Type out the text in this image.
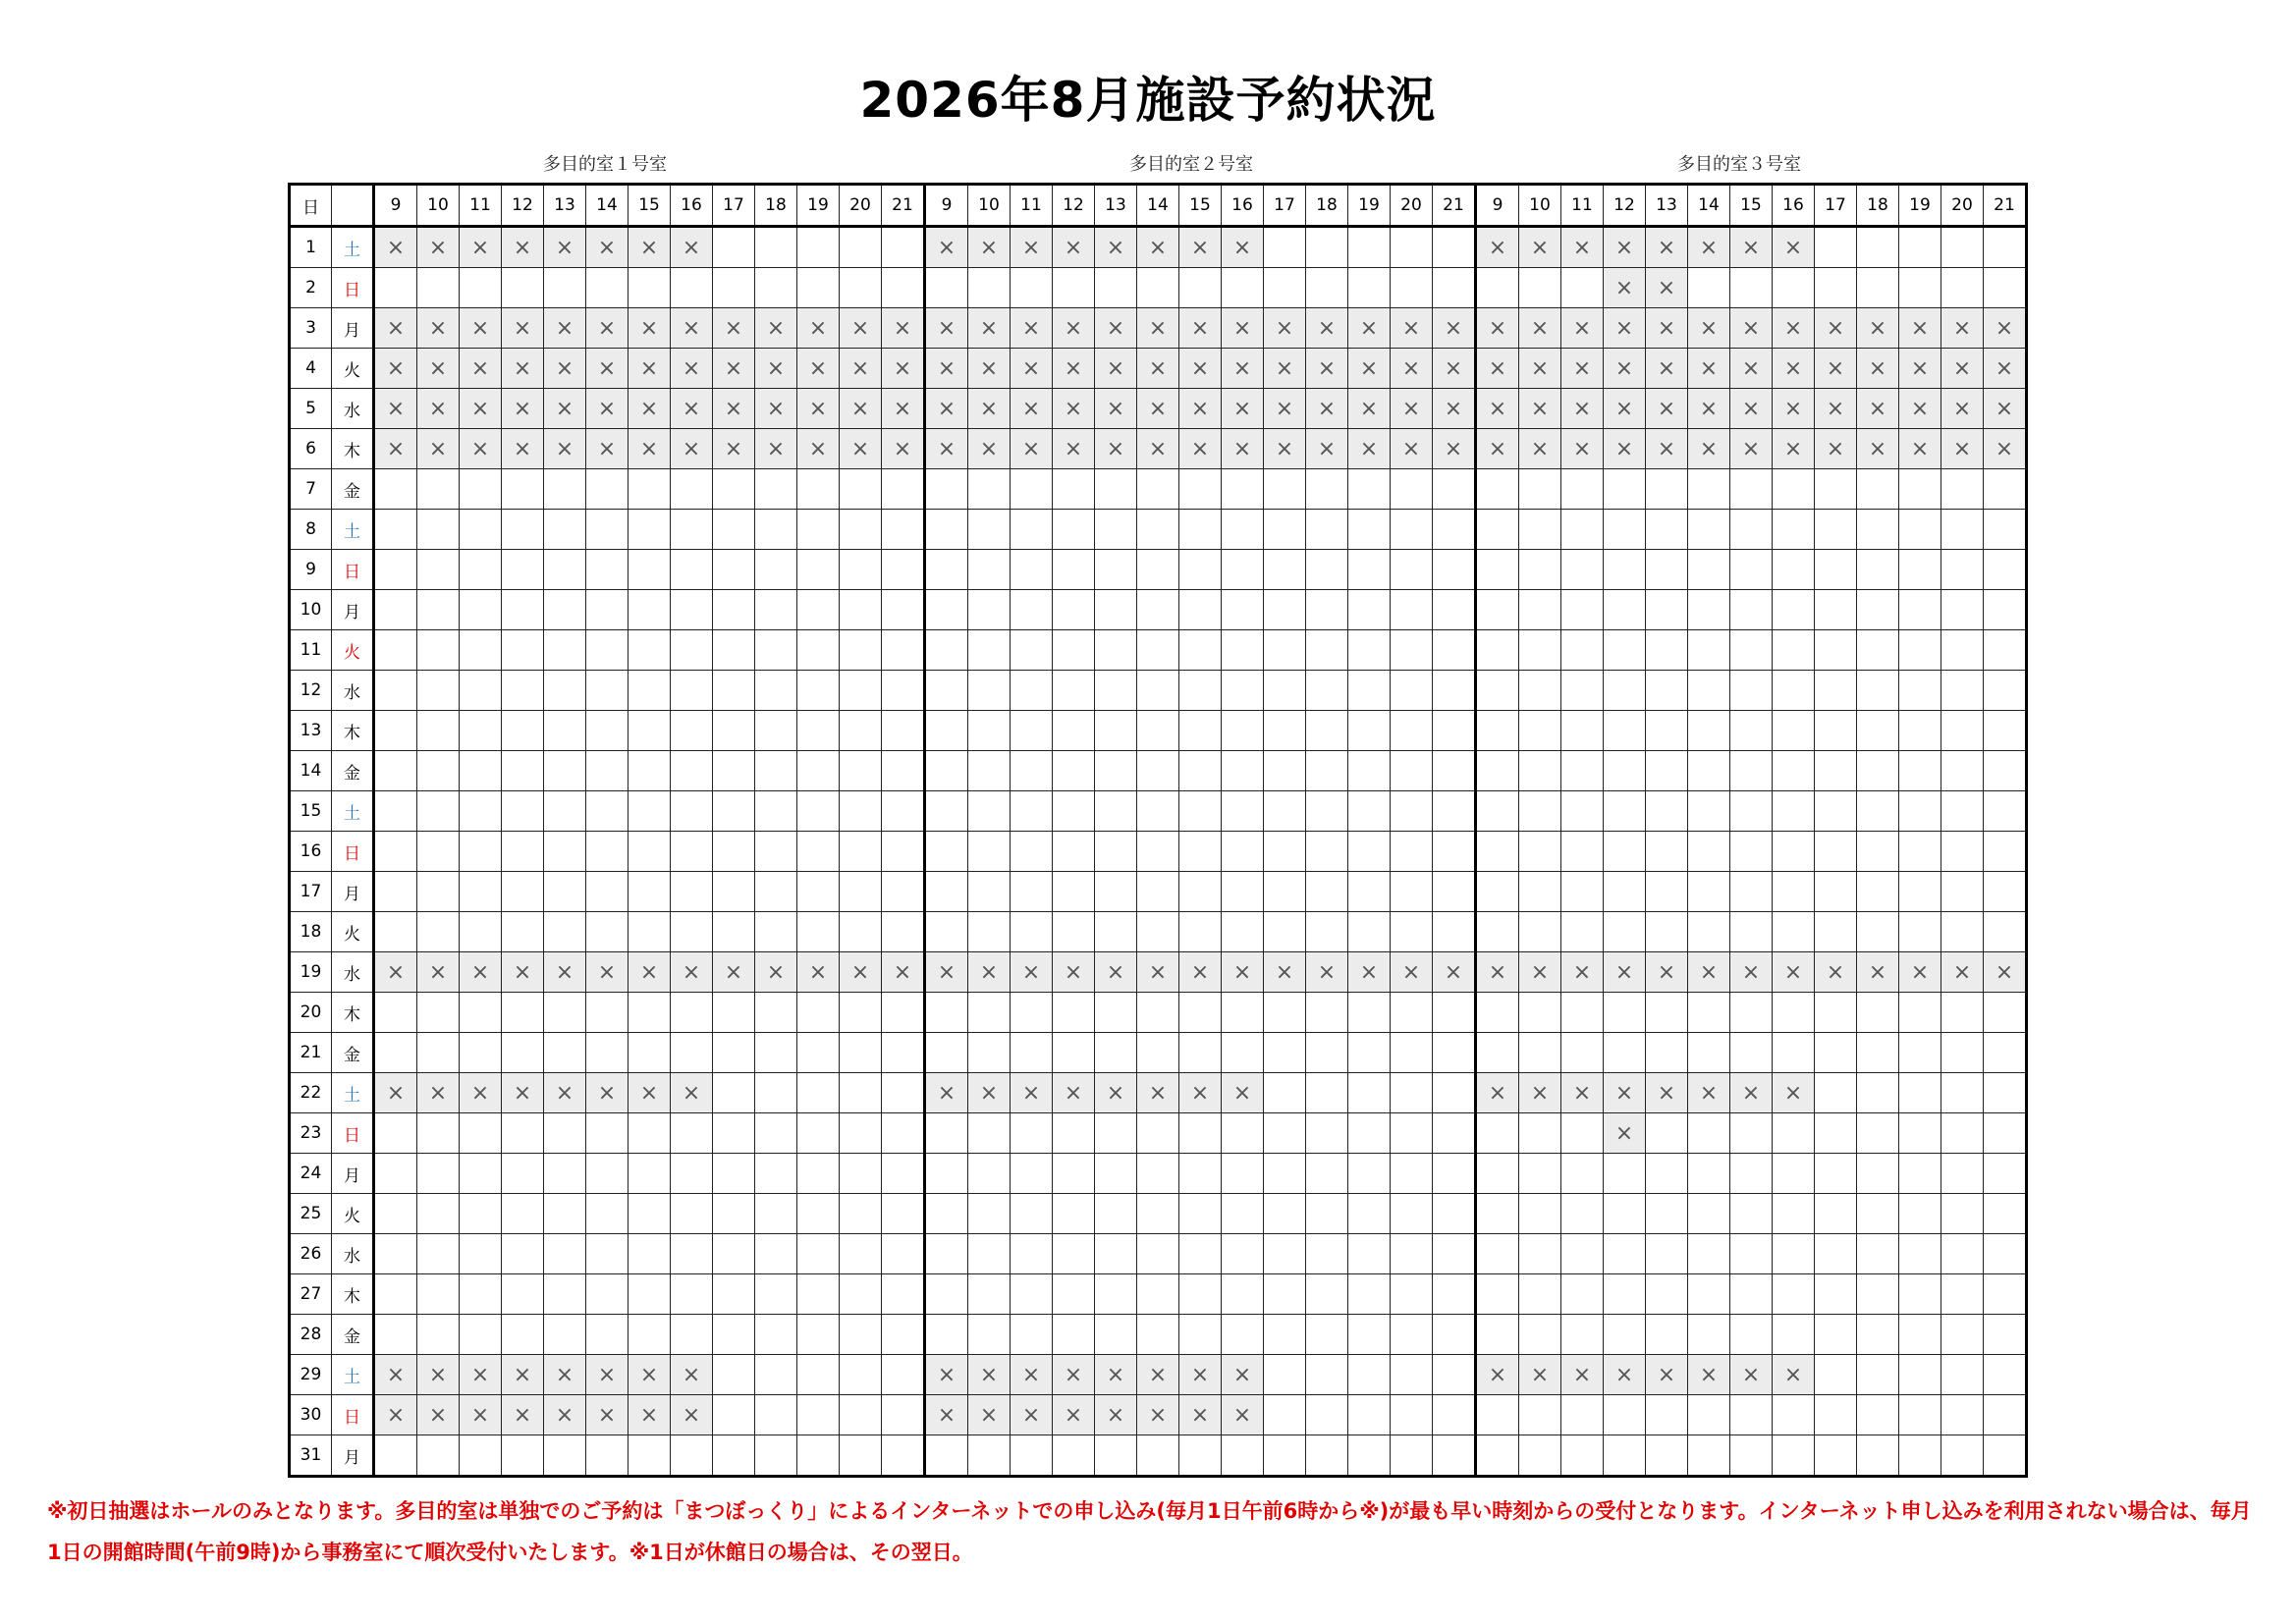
2026年8月施設予約状況
多目的室１号室	多目的室２号室	多目的室３号室
日		9	10	11	12	13	14	15	16	17	18	19	20	21	9	10	11	12	13	14	15	16	17	18	19	20	21	9	10	11	12	13	14	15	16	17	18	19	20	21
1	土	×	×	×	×	×	×	×	×						×	×	×	×	×	×	×	×						×	×	×	×	×	×	×	×					
2	日																														×	×								
3	月	×	×	×	×	×	×	×	×	×	×	×	×	×	×	×	×	×	×	×	×	×	×	×	×	×	×	×	×	×	×	×	×	×	×	×	×	×	×	×
4	火	×	×	×	×	×	×	×	×	×	×	×	×	×	×	×	×	×	×	×	×	×	×	×	×	×	×	×	×	×	×	×	×	×	×	×	×	×	×	×
5	水	×	×	×	×	×	×	×	×	×	×	×	×	×	×	×	×	×	×	×	×	×	×	×	×	×	×	×	×	×	×	×	×	×	×	×	×	×	×	×
6	木	×	×	×	×	×	×	×	×	×	×	×	×	×	×	×	×	×	×	×	×	×	×	×	×	×	×	×	×	×	×	×	×	×	×	×	×	×	×	×
7	金																																							
8	土																																							
9	日																																							
10	月																																							
11	火																																							
12	水																																							
13	木																																							
14	金																																							
15	土																																							
16	日																																							
17	月																																							
18	火																																							
19	水	×	×	×	×	×	×	×	×	×	×	×	×	×	×	×	×	×	×	×	×	×	×	×	×	×	×	×	×	×	×	×	×	×	×	×	×	×	×	×
20	木																																							
21	金																																							
22	土	×	×	×	×	×	×	×	×						×	×	×	×	×	×	×	×						×	×	×	×	×	×	×	×					
23	日																														×									
24	月																																							
25	火																																							
26	水																																							
27	木																																							
28	金																																							
29	土	×	×	×	×	×	×	×	×						×	×	×	×	×	×	×	×						×	×	×	×	×	×	×	×					
30	日	×	×	×	×	×	×	×	×						×	×	×	×	×	×	×	×																		
31	月																																							
※初日抽選はホールのみとなります。多目的室は単独でのご予約は「まつぼっくり」によるインターネットでの申し込み(毎月1日午前6時から※)が最も早い時刻からの受付となります。インターネット申し込みを利用されない場合は、毎月1日の開館時間(午前9時)から事務室にて順次受付いたします。※1日が休館日の場合は、その翌日。
